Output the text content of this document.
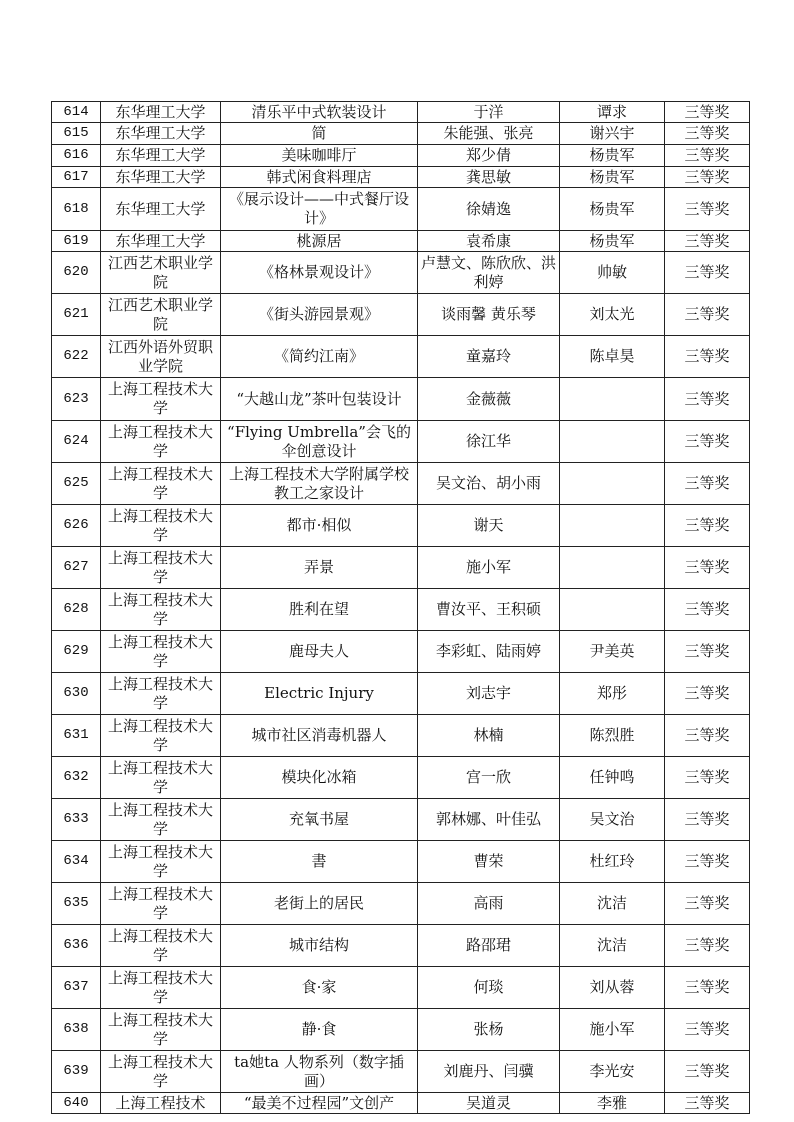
614	东华理工大学	清乐平中式软装设计	于洋	谭求	三等奖
615	东华理工大学	简	朱能强、张亮	谢兴宇	三等奖
616	东华理工大学	美味咖啡厅	郑少倩	杨贵军	三等奖
617	东华理工大学	韩式闲食料理店	龚思敏	杨贵军	三等奖
618	东华理工大学	《展示设计——中式餐厅设计》	徐婧逸	杨贵军	三等奖
619	东华理工大学	桃源居	袁希康	杨贵军	三等奖
620	江西艺术职业学院	《格林景观设计》	卢慧文、陈欣欣、洪利婷	帅敏	三等奖
621	江西艺术职业学院	《街头游园景观》	谈雨馨 黄乐琴	刘太光	三等奖
622	江西外语外贸职业学院	《简约江南》	童嘉玲	陈卓昊	三等奖
623	上海工程技术大学	“大越山龙”茶叶包装设计	金薇薇		三等奖
624	上海工程技术大学	“Flying Umbrella”会飞的伞创意设计	徐江华		三等奖
625	上海工程技术大学	上海工程技术大学附属学校教工之家设计	吴文治、胡小雨		三等奖
626	上海工程技术大学	都市·相似	谢天		三等奖
627	上海工程技术大学	弄景	施小军		三等奖
628	上海工程技术大学	胜利在望	曹汝平、王积硕		三等奖
629	上海工程技术大学	鹿母夫人	李彩虹、陆雨婷	尹美英	三等奖
630	上海工程技术大学	Electric Injury	刘志宇	郑彤	三等奖
631	上海工程技术大学	城市社区消毒机器人	林楠	陈烈胜	三等奖
632	上海工程技术大学	模块化冰箱	宫一欣	任钟鸣	三等奖
633	上海工程技术大学	充氧书屋	郭林娜、叶佳弘	吴文治	三等奖
634	上海工程技术大学	書	曹荣	杜红玲	三等奖
635	上海工程技术大学	老街上的居民	高雨	沈洁	三等奖
636	上海工程技术大学	城市结构	路邵珺	沈洁	三等奖
637	上海工程技术大学	食·家	何琰	刘从蓉	三等奖
638	上海工程技术大学	静·食	张杨	施小军	三等奖
639	上海工程技术大学	ta她ta 人物系列（数字插画）	刘鹿丹、闫骥	李光安	三等奖
640	上海工程技术	“最美不过程园”文创产	吴道灵	李雅	三等奖
